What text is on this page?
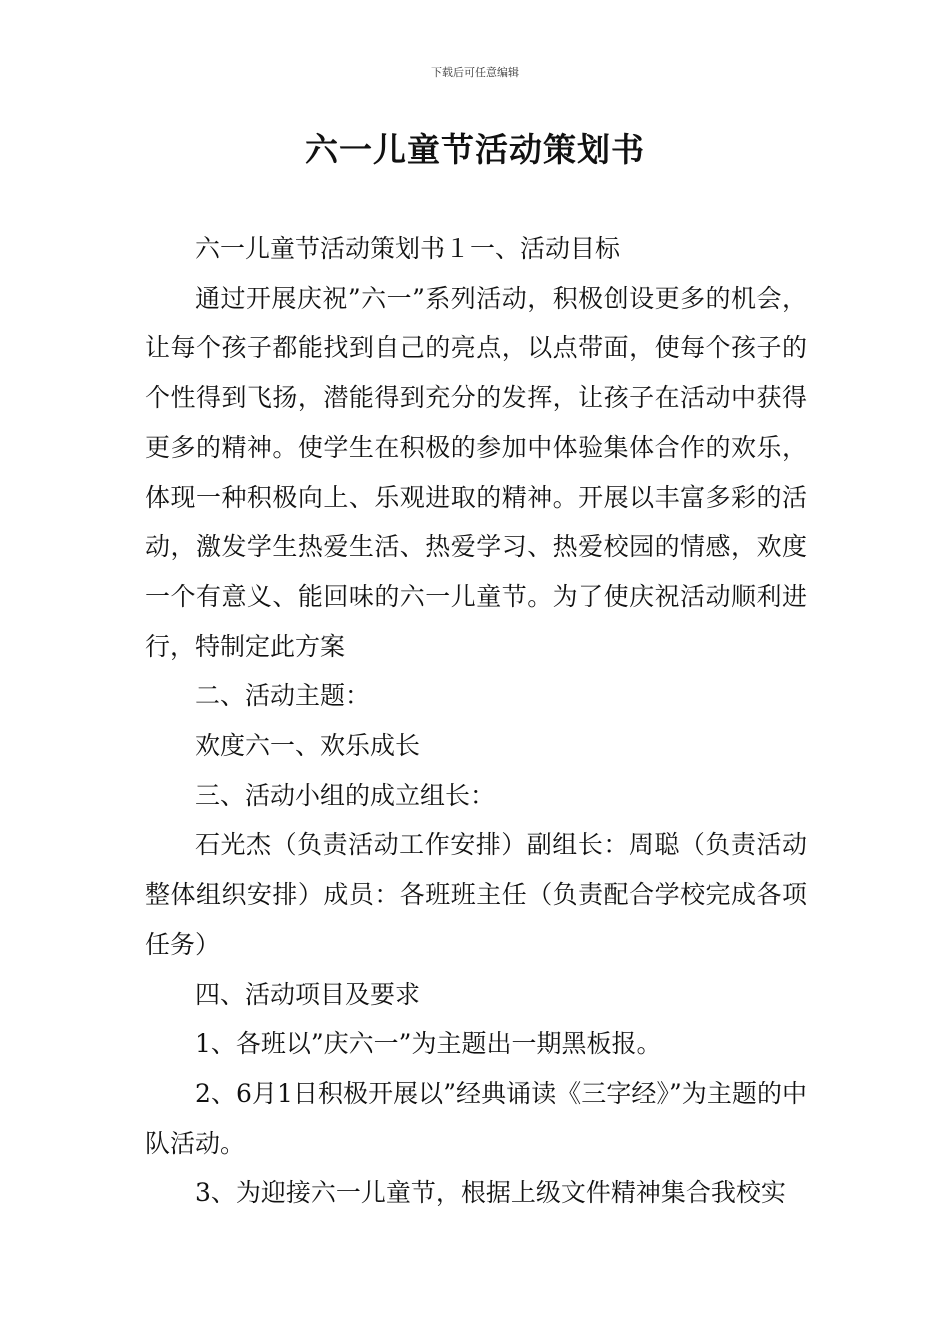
下载后可任意编辑
六一儿童节活动策划书

六一儿童节活动策划书１一、活动目标

通过开展庆祝”六一”系列活动，积极创设更多的机会，让每个孩子都能找到自己的亮点，以点带面，使每个孩子的个性得到飞扬，潜能得到充分的发挥，让孩子在活动中获得更多的精神。使学生在积极的参加中体验集体合作的欢乐，体现一种积极向上、乐观进取的精神。开展以丰富多彩的活动，激发学生热爱生活、热爱学习、热爱校园的情感，欢度一个有意义、能回味的六一儿童节。为了使庆祝活动顺利进行，特制定此方案

二、活动主题：

欢度六一、欢乐成长

三、活动小组的成立组长：

石光杰（负责活动工作安排）副组长：周聪（负责活动整体组织安排）成员：各班班主任（负责配合学校完成各项任务）

四、活动项目及要求

1、各班以”庆六一”为主题出一期黑板报。

2、6月1日积极开展以”经典诵读《三字经》”为主题的中队活动。

3、为迎接六一儿童节，根据上级文件精神集合我校实
